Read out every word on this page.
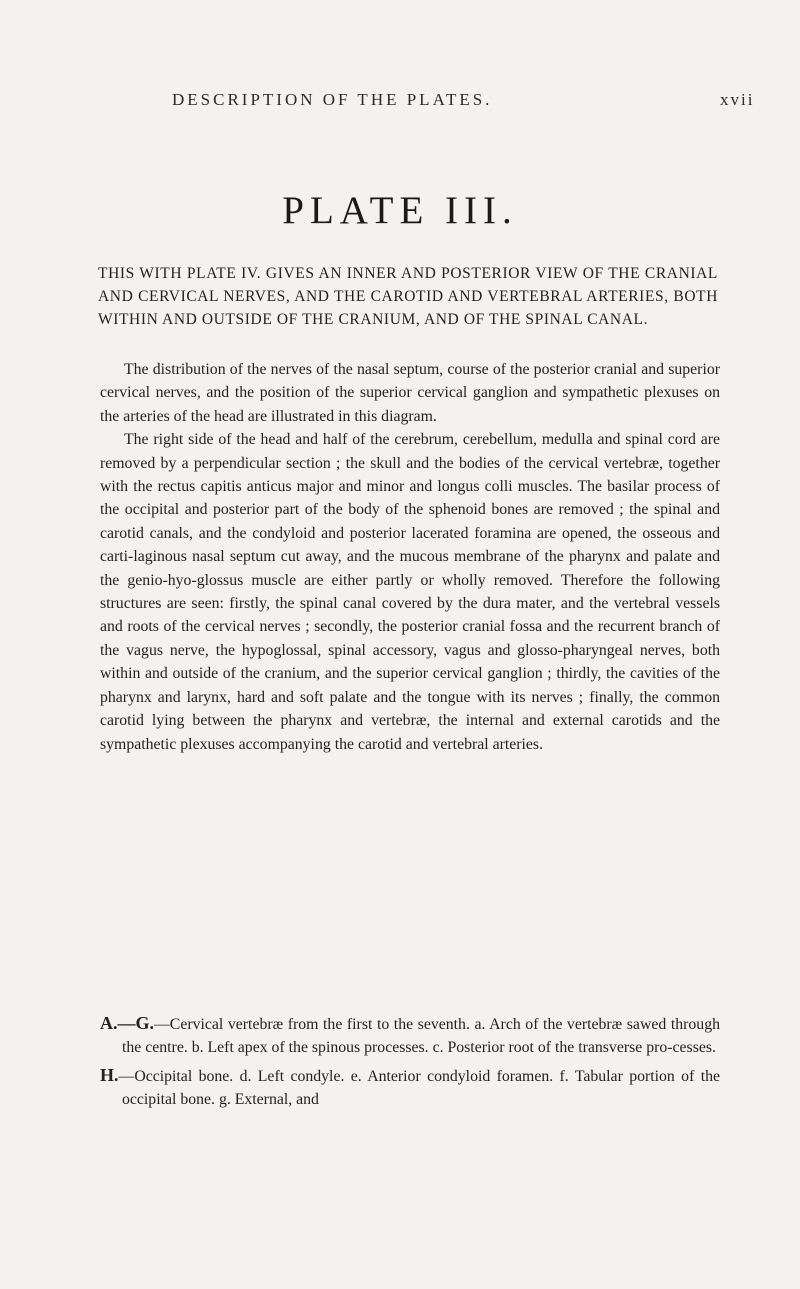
DESCRIPTION OF THE PLATES.	xvii
PLATE III.

THIS WITH PLATE IV. GIVES AN INNER AND POSTERIOR VIEW OF THE CRANIAL AND CERVICAL NERVES, AND THE CAROTID AND VERTEBRAL ARTERIES, BOTH WITHIN AND OUTSIDE OF THE CRANIUM, AND OF THE SPINAL CANAL.

The distribution of the nerves of the nasal septum, course of the posterior cranial and superior cervical nerves, and the position of the superior cervical ganglion and sympathetic plexuses on the arteries of the head are illustrated in this diagram.

The right side of the head and half of the cerebrum, cerebellum, medulla and spinal cord are removed by a perpendicular section ; the skull and the bodies of the cervical vertebræ, together with the rectus capitis anticus major and minor and longus colli muscles. The basilar process of the occipital and posterior part of the body of the sphenoid bones are removed ; the spinal and carotid canals, and the condyloid and posterior lacerated foramina are opened, the osseous and carti-laginous nasal septum cut away, and the mucous membrane of the pharynx and palate and the genio-hyo-glossus muscle are either partly or wholly removed. Therefore the following structures are seen: firstly, the spinal canal covered by the dura mater, and the vertebral vessels and roots of the cervical nerves ; secondly, the posterior cranial fossa and the recurrent branch of the vagus nerve, the hypoglossal, spinal accessory, vagus and glosso-pharyngeal nerves, both within and outside of the cranium, and the superior cervical ganglion ; thirdly, the cavities of the pharynx and larynx, hard and soft palate and the tongue with its nerves ; finally, the common carotid lying between the pharynx and vertebræ, the internal and external carotids and the sympathetic plexuses accompanying the carotid and vertebral arteries.

A.—G.—Cervical vertebræ from the first to the seventh. a. Arch of the vertebræ sawed through the centre. b. Left apex of the spinous processes. c. Posterior root of the transverse pro-cesses.

H.—Occipital bone. d. Left condyle. e. Anterior condyloid foramen. f. Tabular portion of the occipital bone. g. External, and
